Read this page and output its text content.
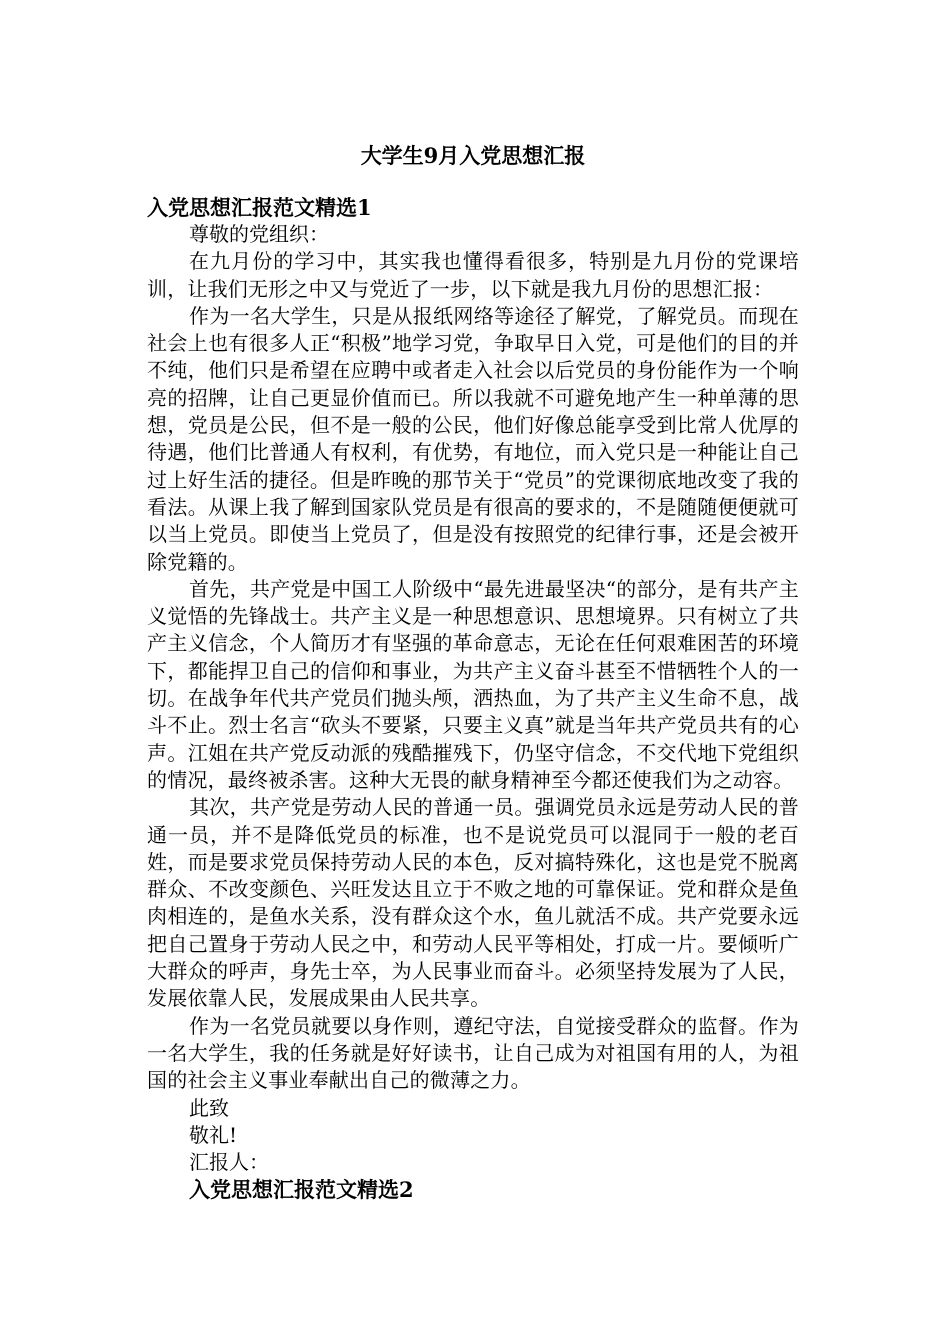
大学生9月入党思想汇报
入党思想汇报范文精选1

尊敬的党组织：

在九月份的学习中，其实我也懂得看很多，特别是九月份的党课培训，让我们无形之中又与党近了一步，以下就是我九月份的思想汇报：

作为一名大学生，只是从报纸网络等途径了解党，了解党员。而现在社会上也有很多人正“积极”地学习党，争取早日入党，可是他们的目的并不纯，他们只是希望在应聘中或者走入社会以后党员的身份能作为一个响亮的招牌，让自己更显价值而已。所以我就不可避免地产生一种单薄的思想，党员是公民，但不是一般的公民，他们好像总能享受到比常人优厚的待遇，他们比普通人有权利，有优势，有地位，而入党只是一种能让自己过上好生活的捷径。但是昨晚的那节关于“党员”的党课彻底地改变了我的看法。从课上我了解到国家队党员是有很高的要求的，不是随随便便就可以当上党员。即使当上党员了，但是没有按照党的纪律行事，还是会被开除党籍的。

首先，共产党是中国工人阶级中“最先进最坚决“的部分，是有共产主义觉悟的先锋战士。共产主义是一种思想意识、思想境界。只有树立了共产主义信念，个人简历才有坚强的革命意志，无论在任何艰难困苦的环境下，都能捍卫自己的信仰和事业，为共产主义奋斗甚至不惜牺牲个人的一切。在战争年代共产党员们抛头颅，洒热血，为了共产主义生命不息，战斗不止。烈士名言“砍头不要紧，只要主义真”就是当年共产党员共有的心声。江姐在共产党反动派的残酷摧残下，仍坚守信念，不交代地下党组织的情况，最终被杀害。这种大无畏的献身精神至今都还使我们为之动容。

其次，共产党是劳动人民的普通一员。强调党员永远是劳动人民的普通一员，并不是降低党员的标准，也不是说党员可以混同于一般的老百姓，而是要求党员保持劳动人民的本色，反对搞特殊化，这也是党不脱离群众、不改变颜色、兴旺发达且立于不败之地的可靠保证。党和群众是鱼肉相连的，是鱼水关系，没有群众这个水，鱼儿就活不成。共产党要永远把自己置身于劳动人民之中，和劳动人民平等相处，打成一片。要倾听广大群众的呼声，身先士卒，为人民事业而奋斗。必须坚持发展为了人民，发展依靠人民，发展成果由人民共享。

作为一名党员就要以身作则，遵纪守法，自觉接受群众的监督。作为一名大学生，我的任务就是好好读书，让自己成为对祖国有用的人，为祖国的社会主义事业奉献出自己的微薄之力。

此致

敬礼!

汇报人：

入党思想汇报范文精选2
